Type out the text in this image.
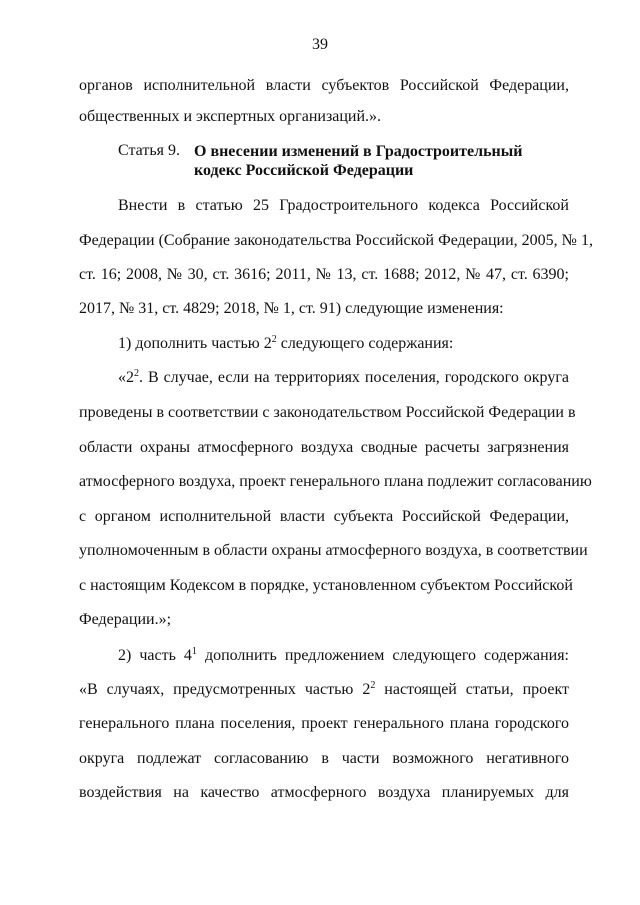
39
органов исполнительной власти субъектов Российской Федерации,
общественных и экспертных организаций.».
Статья 9. О внесении изменений в Градостроительный кодекс Российской Федерации
Внести в статью 25 Градостроительного кодекса Российской
Федерации (Собрание законодательства Российской Федерации, 2005, № 1,
ст. 16; 2008, № 30, ст. 3616; 2011, № 13, ст. 1688; 2012, № 47, ст. 6390;
2017, № 31, ст. 4829; 2018, № 1, ст. 91) следующие изменения:
1) дополнить частью $2^2$ следующего содержания:
«$2^2$. В случае, если на территориях поселения, городского округа
проведены в соответствии с законодательством Российской Федерации в
области охраны атмосферного воздуха сводные расчеты загрязнения
атмосферного воздуха, проект генерального плана подлежит согласованию
с органом исполнительной власти субъекта Российской Федерации,
уполномоченным в области охраны атмосферного воздуха, в соответствии
с настоящим Кодексом в порядке, установленном субъектом Российской
Федерации.»;
2) часть $4^1$ дополнить предложением следующего содержания:
«В случаях, предусмотренных частью $2^2$ настоящей статьи, проект
генерального плана поселения, проект генерального плана городского
округа подлежат согласованию в части возможного негативного
воздействия на качество атмосферного воздуха планируемых для
